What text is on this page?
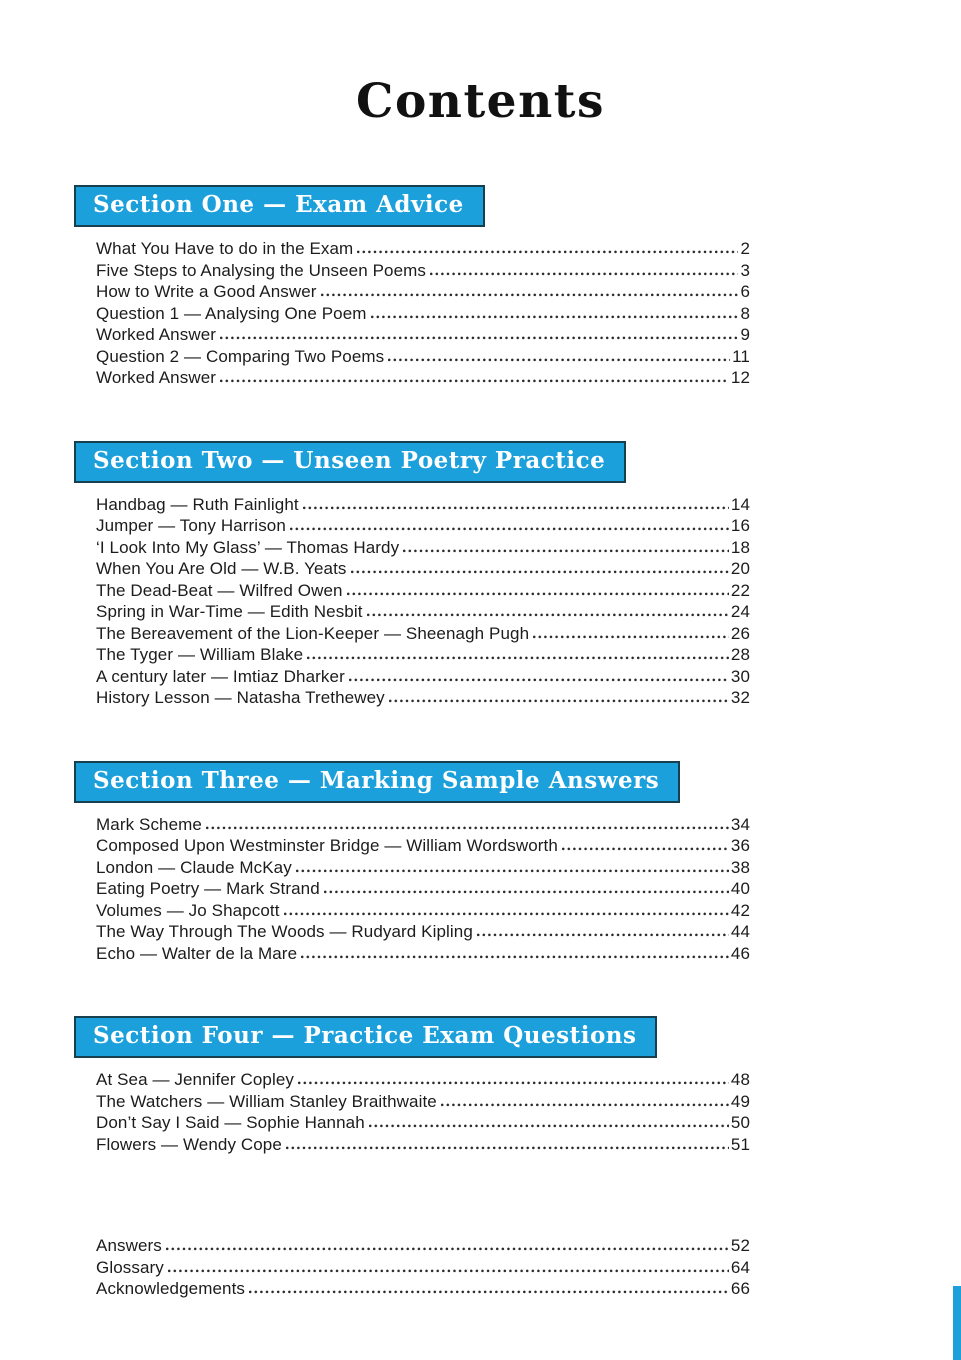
Contents
Section One — Exam Advice
What You Have to do in the Exam	2
Five Steps to Analysing the Unseen Poems	3
How to Write a Good Answer	6
Question 1 — Analysing One Poem	8
Worked Answer	9
Question 2 — Comparing Two Poems	11
Worked Answer	12
Section Two — Unseen Poetry Practice
Handbag — Ruth Fainlight	14
Jumper — Tony Harrison	16
‘I Look Into My Glass’ — Thomas Hardy	18
When You Are Old — W.B. Yeats	20
The Dead-Beat — Wilfred Owen	22
Spring in War-Time — Edith Nesbit	24
The Bereavement of the Lion-Keeper — Sheenagh Pugh	26
The Tyger — William Blake	28
A century later — Imtiaz Dharker	30
History Lesson — Natasha Trethewey	32
Section Three — Marking Sample Answers
Mark Scheme	34
Composed Upon Westminster Bridge — William Wordsworth	36
London — Claude McKay	38
Eating Poetry — Mark Strand	40
Volumes — Jo Shapcott	42
The Way Through The Woods — Rudyard Kipling	44
Echo — Walter de la Mare	46
Section Four — Practice Exam Questions
At Sea — Jennifer Copley	48
The Watchers — William Stanley Braithwaite	49
Don’t Say I Said — Sophie Hannah	50
Flowers — Wendy Cope	51
Answers	52
Glossary	64
Acknowledgements	66
